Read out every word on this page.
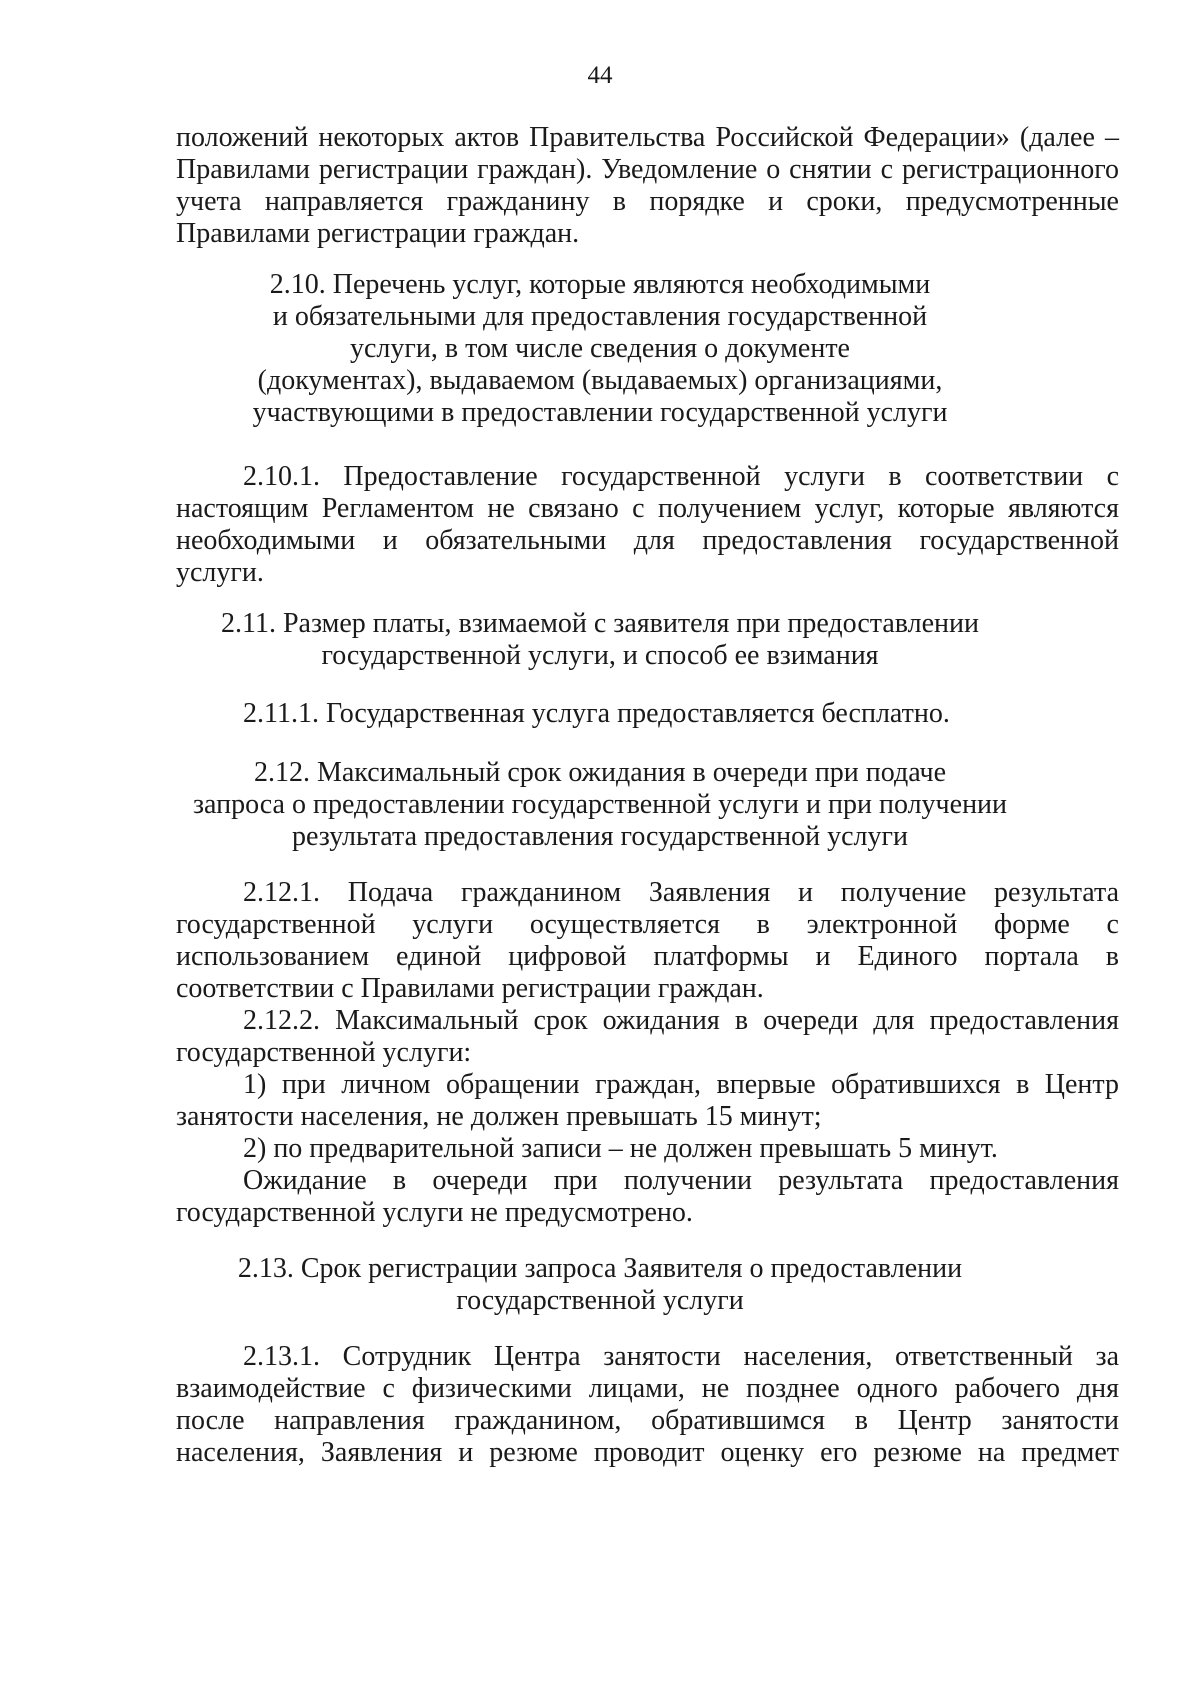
44
положений некоторых актов Правительства Российской Федерации» (далее –
Правилами регистрации граждан). Уведомление о снятии с регистрационного
учета направляется гражданину в порядке и сроки, предусмотренные
Правилами регистрации граждан.
2.10. Перечень услуг, которые являются необходимыми
и обязательными для предоставления государственной
услуги, в том числе сведения о документе
(документах), выдаваемом (выдаваемых) организациями,
участвующими в предоставлении государственной услуги
2.10.1. Предоставление государственной услуги в соответствии с
настоящим Регламентом не связано с получением услуг, которые являются
необходимыми и обязательными для предоставления государственной
услуги.
2.11. Размер платы, взимаемой с заявителя при предоставлении
государственной услуги, и способ ее взимания
2.11.1. Государственная услуга предоставляется бесплатно.
2.12. Максимальный срок ожидания в очереди при подаче
запроса о предоставлении государственной услуги и при получении
результата предоставления государственной услуги
2.12.1. Подача гражданином Заявления и получение результата
государственной услуги осуществляется в электронной форме с
использованием единой цифровой платформы и Единого портала в
соответствии с Правилами регистрации граждан.
2.12.2. Максимальный срок ожидания в очереди для предоставления
государственной услуги:
1) при личном обращении граждан, впервые обратившихся в Центр
занятости населения, не должен превышать 15 минут;
2) по предварительной записи – не должен превышать 5 минут.
Ожидание в очереди при получении результата предоставления
государственной услуги не предусмотрено.
2.13. Срок регистрации запроса Заявителя о предоставлении
государственной услуги
2.13.1. Сотрудник Центра занятости населения, ответственный за
взаимодействие с физическими лицами, не позднее одного рабочего дня
после направления гражданином, обратившимся в Центр занятости
населения, Заявления и резюме проводит оценку его резюме на предмет
